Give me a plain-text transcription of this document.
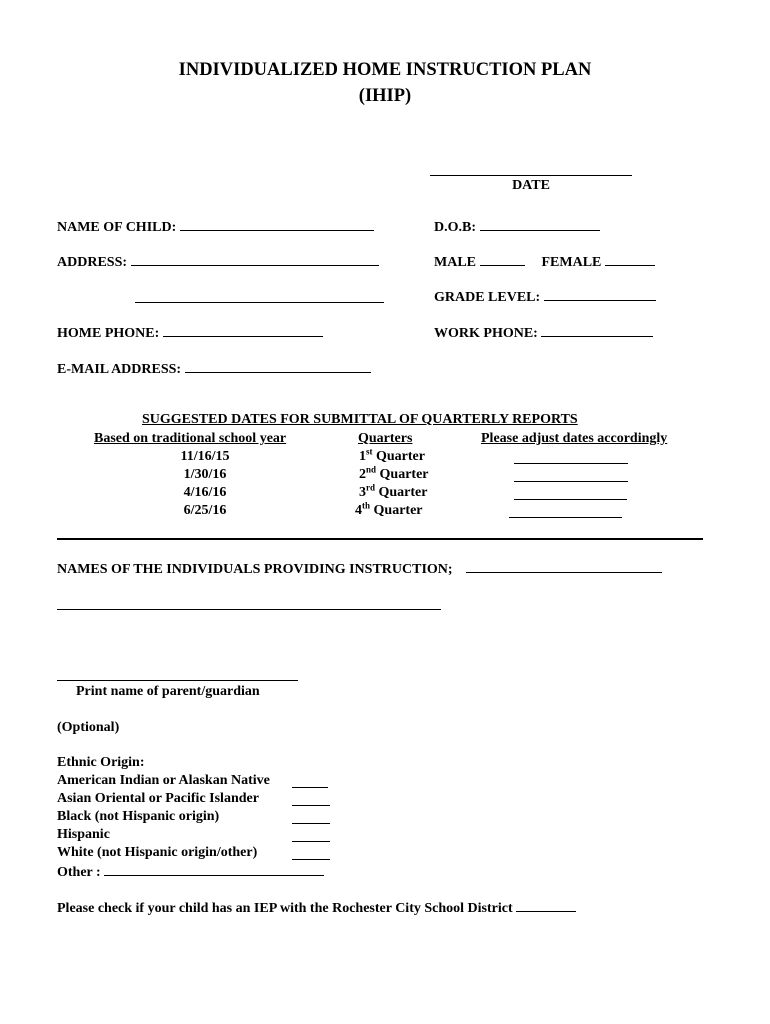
INDIVIDUALIZED HOME INSTRUCTION PLAN
(IHIP)
DATE
NAME OF CHILD:	D.O.B:
ADDRESS:	MALE	FEMALE
GRADE LEVEL:
HOME PHONE:	WORK PHONE:
E-MAIL ADDRESS:
SUGGESTED DATES FOR SUBMITTAL OF QUARTERLY REPORTS
Based on traditional school year	Quarters	Please adjust dates accordingly
11/16/15	1st Quarter
1/30/16	2nd Quarter
4/16/16	3rd Quarter
6/25/16	4th Quarter
NAMES OF THE INDIVIDUALS PROVIDING INSTRUCTION;
Print name of parent/guardian
(Optional)
Ethnic Origin:
American Indian or Alaskan Native
Asian Oriental or Pacific Islander
Black (not Hispanic origin)
Hispanic
White (not Hispanic origin/other)
Other :
Please check if your child has an IEP with the Rochester City School District
